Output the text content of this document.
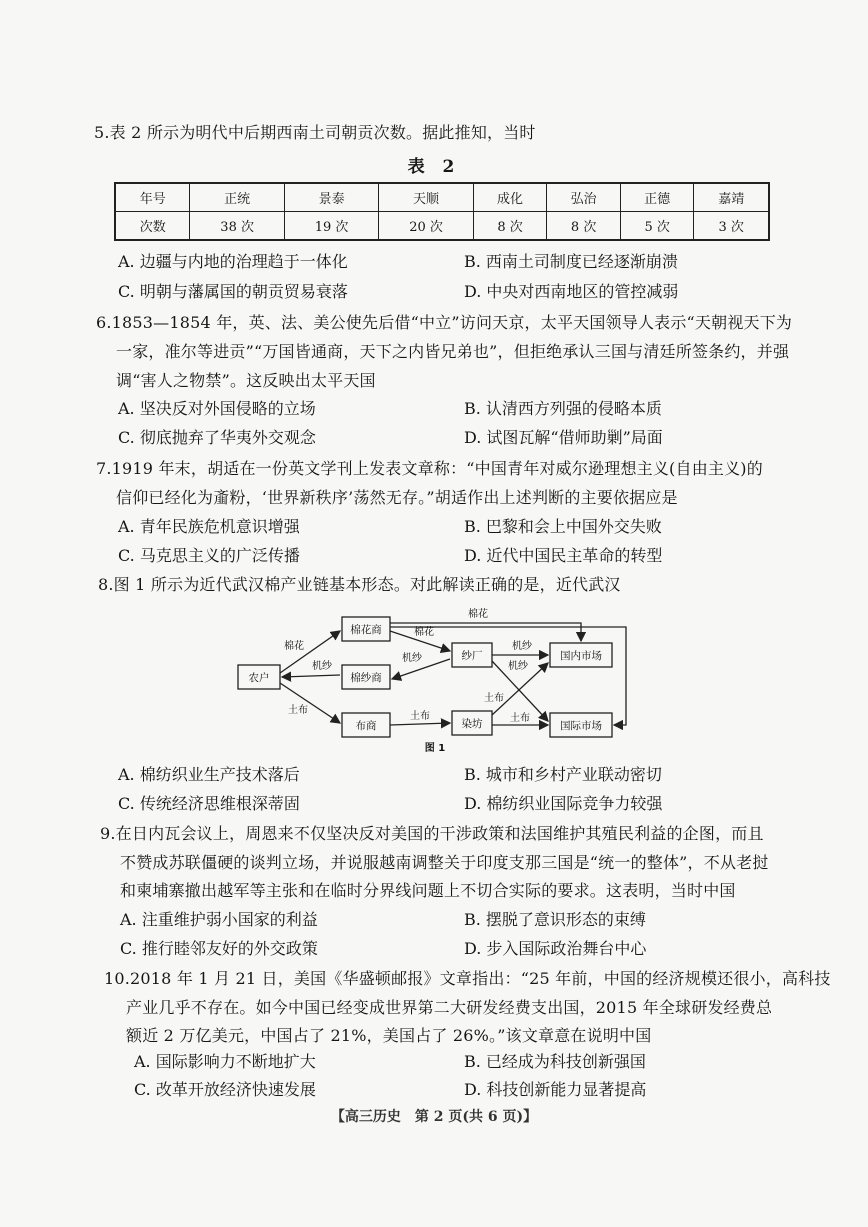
5.表 2 所示为明代中后期西南土司朝贡次数。据此推知，当时
表 2
年号	正统	景泰	天顺	成化	弘治	正德	嘉靖
次数	38 次	19 次	20 次	8 次	8 次	5 次	3 次
A. 边疆与内地的治理趋于一体化	B. 西南土司制度已经逐渐崩溃
C. 明朝与藩属国的朝贡贸易衰落	D. 中央对西南地区的管控减弱
6.1853—1854 年，英、法、美公使先后借“中立”访问天京，太平天国领导人表示“天朝视天下为
一家，准尔等进贡”“万国皆通商，天下之内皆兄弟也”，但拒绝承认三国与清廷所签条约，并强
调“害人之物禁”。这反映出太平天国
A. 坚决反对外国侵略的立场	B. 认清西方列强的侵略本质
C. 彻底抛弃了华夷外交观念	D. 试图瓦解“借师助剿”局面
7.1919 年末，胡适在一份英文学刊上发表文章称：“中国青年对威尔逊理想主义(自由主义)的
信仰已经化为齑粉，‘世界新秩序’荡然无存。”胡适作出上述判断的主要依据应是
A. 青年民族危机意识增强	B. 巴黎和会上中国外交失败
C. 马克思主义的广泛传播	D. 近代中国民主革命的转型
8.图 1 所示为近代武汉棉产业链基本形态。对此解读正确的是，近代武汉
农户
棉花商
棉纱商
布商
纱厂
染坊
国内市场
国际市场
棉花
棉花
棉花
机纱
机纱
机纱
机纱
土布
土布	土布
土布
图 1
A. 棉纺织业生产技术落后	B. 城市和乡村产业联动密切
C. 传统经济思维根深蒂固	D. 棉纺织业国际竞争力较强
9.在日内瓦会议上，周恩来不仅坚决反对美国的干涉政策和法国维护其殖民利益的企图，而且
不赞成苏联僵硬的谈判立场，并说服越南调整关于印度支那三国是“统一的整体”，不从老挝
和柬埔寨撤出越军等主张和在临时分界线问题上不切合实际的要求。这表明，当时中国
A. 注重维护弱小国家的利益	B. 摆脱了意识形态的束缚
C. 推行睦邻友好的外交政策	D. 步入国际政治舞台中心
10.2018 年 1 月 21 日，美国《华盛顿邮报》文章指出：“25 年前，中国的经济规模还很小，高科技
产业几乎不存在。如今中国已经变成世界第二大研发经费支出国，2015 年全球研发经费总
额近 2 万亿美元，中国占了 21%，美国占了 26%。”该文章意在说明中国
A. 国际影响力不断地扩大	B. 已经成为科技创新强国
C. 改革开放经济快速发展	D. 科技创新能力显著提高
【高三历史　第 2 页(共 6 页)】
